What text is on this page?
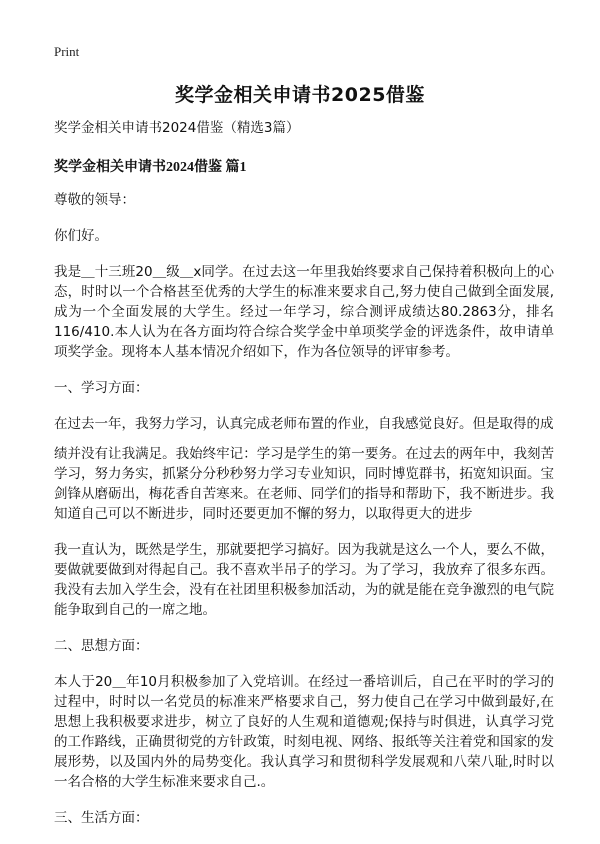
Print
奖学金相关申请书2025借鉴

奖学金相关申请书2024借鉴（精选3篇）

奖学金相关申请书2024借鉴 篇1

尊敬的领导：

你们好。

我是＿十三班20＿级＿x同学。在过去这一年里我始终要求自己保持着积极向上的心态，时时以一个合格甚至优秀的大学生的标准来要求自己,努力使自己做到全面发展,成为一个全面发展的大学生。经过一年学习，综合测评成绩达80.2863分，排名116/410.本人认为在各方面均符合综合奖学金中单项奖学金的评选条件，故申请单项奖学金。现将本人基本情况介绍如下，作为各位领导的评审参考。

一、学习方面：

在过去一年，我努力学习，认真完成老师布置的作业，自我感觉良好。但是取得的成

绩并没有让我满足。我始终牢记：学习是学生的第一要务。在过去的两年中，我刻苦学习，努力务实，抓紧分分秒秒努力学习专业知识，同时博览群书，拓宽知识面。宝剑锋从磨砺出，梅花香自苦寒来。在老师、同学们的指导和帮助下，我不断进步。我知道自己可以不断进步，同时还要更加不懈的努力，以取得更大的进步

我一直认为，既然是学生，那就要把学习搞好。因为我就是这么一个人，要么不做，要做就要做到对得起自己。我不喜欢半吊子的学习。为了学习，我放弃了很多东西。我没有去加入学生会，没有在社团里积极参加活动，为的就是能在竞争激烈的电气院能争取到自己的一席之地。

二、思想方面：

本人于20＿年10月积极参加了入党培训。在经过一番培训后，自己在平时的学习的过程中，时时以一名党员的标准来严格要求自己，努力使自己在学习中做到最好,在思想上我积极要求进步，树立了良好的人生观和道德观;保持与时俱进，认真学习党的工作路线，正确贯彻党的方针政策，时刻电视、网络、报纸等关注着党和国家的发展形势，以及国内外的局势变化。我认真学习和贯彻科学发展观和八荣八耻,时时以一名合格的大学生标准来要求自己.。

三、生活方面：
